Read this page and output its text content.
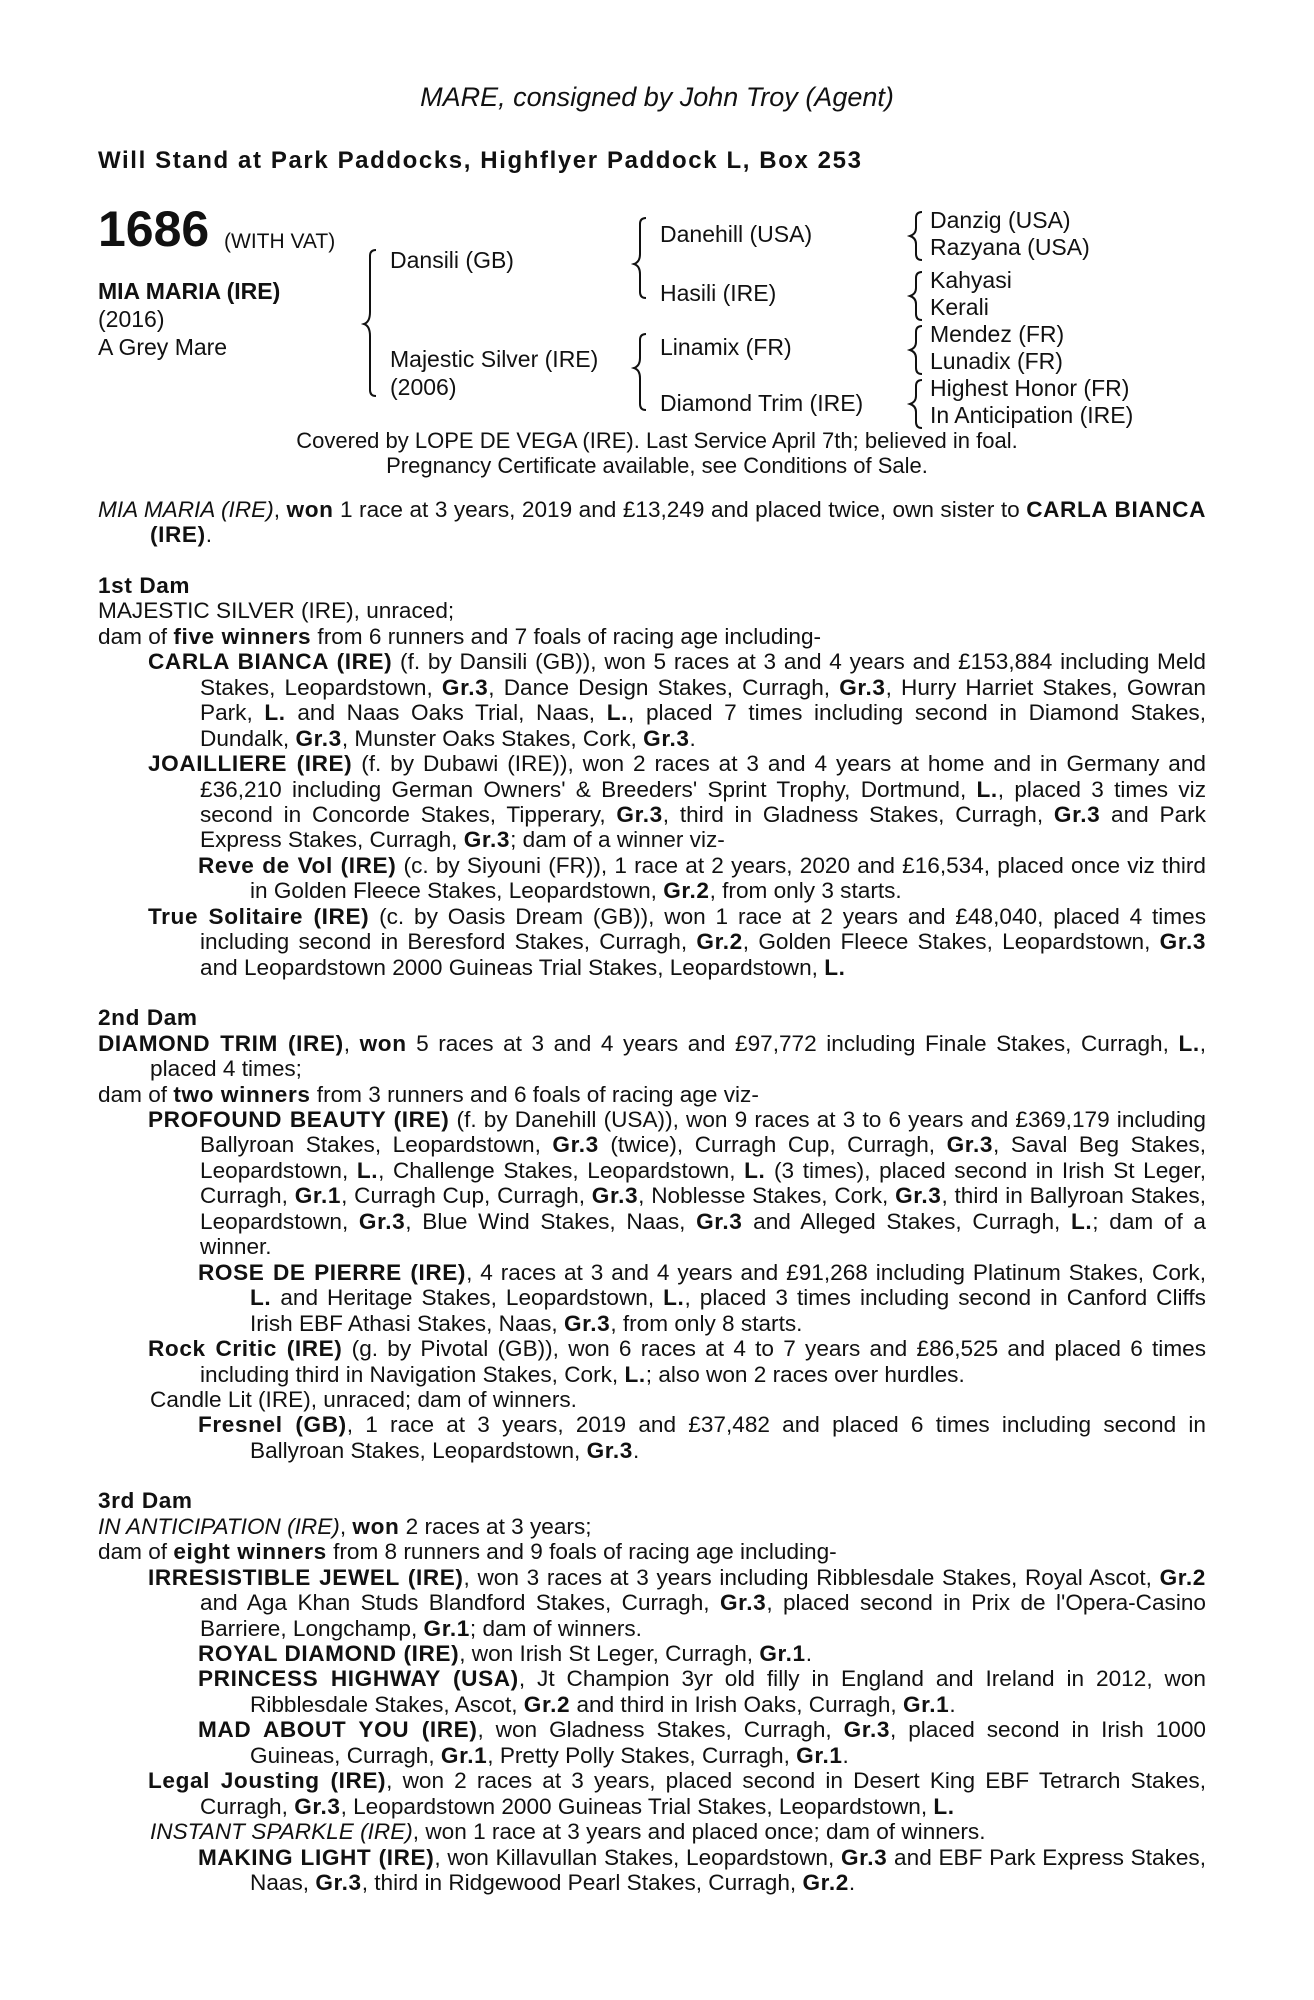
MARE, consigned by John Troy (Agent)
Will Stand at Park Paddocks, Highflyer Paddock L, Box 253
1686 (WITH VAT)
MIA MARIA (IRE)
(2016)
A Grey Mare
Dansili (GB)
Majestic Silver (IRE)
(2006)
Danehill (USA)
Hasili (IRE)
Linamix (FR)
Diamond Trim (IRE)
Danzig (USA)
Razyana (USA)
Kahyasi
Kerali
Mendez (FR)
Lunadix (FR)
Highest Honor (FR)
In Anticipation (IRE)
Covered by LOPE DE VEGA (IRE). Last Service April 7th; believed in foal.
Pregnancy Certificate available, see Conditions of Sale.
MIA MARIA (IRE), won 1 race at 3 years, 2019 and £13,249 and placed twice, own sister to CARLA BIANCA (IRE).
1st Dam
MAJESTIC SILVER (IRE), unraced;
dam of five winners from 6 runners and 7 foals of racing age including-
CARLA BIANCA (IRE) (f. by Dansili (GB)), won 5 races at 3 and 4 years and £153,884 including Meld Stakes, Leopardstown, Gr.3, Dance Design Stakes, Curragh, Gr.3, Hurry Harriet Stakes, Gowran Park, L. and Naas Oaks Trial, Naas, L., placed 7 times including second in Diamond Stakes, Dundalk, Gr.3, Munster Oaks Stakes, Cork, Gr.3.
JOAILLIERE (IRE) (f. by Dubawi (IRE)), won 2 races at 3 and 4 years at home and in Germany and £36,210 including German Owners' & Breeders' Sprint Trophy, Dortmund, L., placed 3 times viz second in Concorde Stakes, Tipperary, Gr.3, third in Gladness Stakes, Curragh, Gr.3 and Park Express Stakes, Curragh, Gr.3; dam of a winner viz-
Reve de Vol (IRE) (c. by Siyouni (FR)), 1 race at 2 years, 2020 and £16,534, placed once viz third in Golden Fleece Stakes, Leopardstown, Gr.2, from only 3 starts.
True Solitaire (IRE) (c. by Oasis Dream (GB)), won 1 race at 2 years and £48,040, placed 4 times including second in Beresford Stakes, Curragh, Gr.2, Golden Fleece Stakes, Leopardstown, Gr.3 and Leopardstown 2000 Guineas Trial Stakes, Leopardstown, L.
2nd Dam
DIAMOND TRIM (IRE), won 5 races at 3 and 4 years and £97,772 including Finale Stakes, Curragh, L., placed 4 times;
dam of two winners from 3 runners and 6 foals of racing age viz-
PROFOUND BEAUTY (IRE) (f. by Danehill (USA)), won 9 races at 3 to 6 years and £369,179 including Ballyroan Stakes, Leopardstown, Gr.3 (twice), Curragh Cup, Curragh, Gr.3, Saval Beg Stakes, Leopardstown, L., Challenge Stakes, Leopardstown, L. (3 times), placed second in Irish St Leger, Curragh, Gr.1, Curragh Cup, Curragh, Gr.3, Noblesse Stakes, Cork, Gr.3, third in Ballyroan Stakes, Leopardstown, Gr.3, Blue Wind Stakes, Naas, Gr.3 and Alleged Stakes, Curragh, L.; dam of a winner.
ROSE DE PIERRE (IRE), 4 races at 3 and 4 years and £91,268 including Platinum Stakes, Cork, L. and Heritage Stakes, Leopardstown, L., placed 3 times including second in Canford Cliffs Irish EBF Athasi Stakes, Naas, Gr.3, from only 8 starts.
Rock Critic (IRE) (g. by Pivotal (GB)), won 6 races at 4 to 7 years and £86,525 and placed 6 times including third in Navigation Stakes, Cork, L.; also won 2 races over hurdles.
Candle Lit (IRE), unraced; dam of winners.
Fresnel (GB), 1 race at 3 years, 2019 and £37,482 and placed 6 times including second in Ballyroan Stakes, Leopardstown, Gr.3.
3rd Dam
IN ANTICIPATION (IRE), won 2 races at 3 years;
dam of eight winners from 8 runners and 9 foals of racing age including-
IRRESISTIBLE JEWEL (IRE), won 3 races at 3 years including Ribblesdale Stakes, Royal Ascot, Gr.2 and Aga Khan Studs Blandford Stakes, Curragh, Gr.3, placed second in Prix de l'Opera-Casino Barriere, Longchamp, Gr.1; dam of winners.
ROYAL DIAMOND (IRE), won Irish St Leger, Curragh, Gr.1.
PRINCESS HIGHWAY (USA), Jt Champion 3yr old filly in England and Ireland in 2012, won Ribblesdale Stakes, Ascot, Gr.2 and third in Irish Oaks, Curragh, Gr.1.
MAD ABOUT YOU (IRE), won Gladness Stakes, Curragh, Gr.3, placed second in Irish 1000 Guineas, Curragh, Gr.1, Pretty Polly Stakes, Curragh, Gr.1.
Legal Jousting (IRE), won 2 races at 3 years, placed second in Desert King EBF Tetrarch Stakes, Curragh, Gr.3, Leopardstown 2000 Guineas Trial Stakes, Leopardstown, L.
INSTANT SPARKLE (IRE), won 1 race at 3 years and placed once; dam of winners.
MAKING LIGHT (IRE), won Killavullan Stakes, Leopardstown, Gr.3 and EBF Park Express Stakes, Naas, Gr.3, third in Ridgewood Pearl Stakes, Curragh, Gr.2.
